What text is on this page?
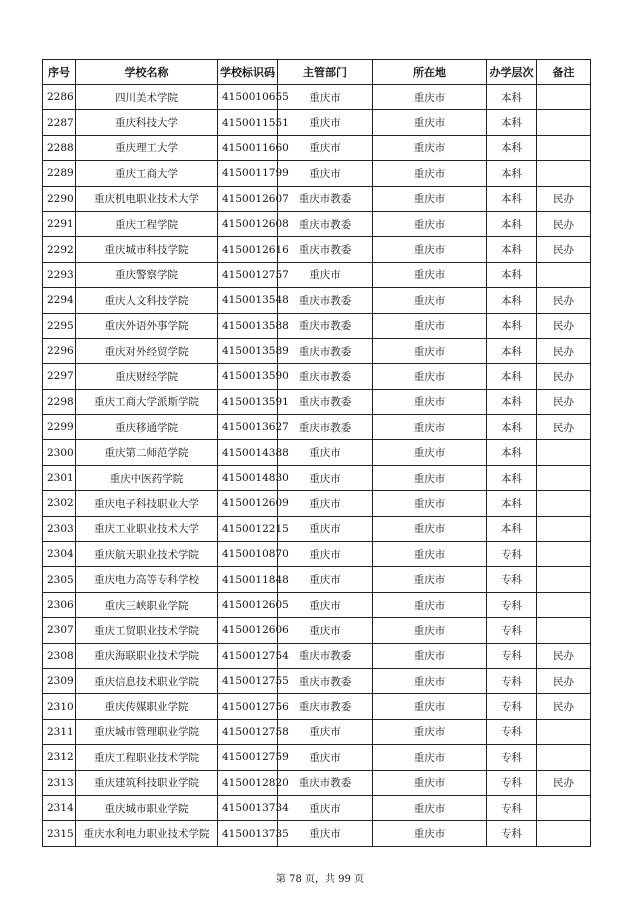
序号	学校名称	学校标识码	主管部门	所在地	办学层次	备注
2286	四川美术学院	4150010655	重庆市	重庆市	本科	
2287	重庆科技大学	4150011551	重庆市	重庆市	本科	
2288	重庆理工大学	4150011660	重庆市	重庆市	本科	
2289	重庆工商大学	4150011799	重庆市	重庆市	本科	
2290	重庆机电职业技术大学	4150012607	重庆市教委	重庆市	本科	民办
2291	重庆工程学院	4150012608	重庆市教委	重庆市	本科	民办
2292	重庆城市科技学院	4150012616	重庆市教委	重庆市	本科	民办
2293	重庆警察学院	4150012757	重庆市	重庆市	本科	
2294	重庆人文科技学院	4150013548	重庆市教委	重庆市	本科	民办
2295	重庆外语外事学院	4150013588	重庆市教委	重庆市	本科	民办
2296	重庆对外经贸学院	4150013589	重庆市教委	重庆市	本科	民办
2297	重庆财经学院	4150013590	重庆市教委	重庆市	本科	民办
2298	重庆工商大学派斯学院	4150013591	重庆市教委	重庆市	本科	民办
2299	重庆移通学院	4150013627	重庆市教委	重庆市	本科	民办
2300	重庆第二师范学院	4150014388	重庆市	重庆市	本科	
2301	重庆中医药学院	4150014830	重庆市	重庆市	本科	
2302	重庆电子科技职业大学	4150012609	重庆市	重庆市	本科	
2303	重庆工业职业技术大学	4150012215	重庆市	重庆市	本科	
2304	重庆航天职业技术学院	4150010870	重庆市	重庆市	专科	
2305	重庆电力高等专科学校	4150011848	重庆市	重庆市	专科	
2306	重庆三峡职业学院	4150012605	重庆市	重庆市	专科	
2307	重庆工贸职业技术学院	4150012606	重庆市	重庆市	专科	
2308	重庆海联职业技术学院	4150012754	重庆市教委	重庆市	专科	民办
2309	重庆信息技术职业学院	4150012755	重庆市教委	重庆市	专科	民办
2310	重庆传媒职业学院	4150012756	重庆市教委	重庆市	专科	民办
2311	重庆城市管理职业学院	4150012758	重庆市	重庆市	专科	
2312	重庆工程职业技术学院	4150012759	重庆市	重庆市	专科	
2313	重庆建筑科技职业学院	4150012820	重庆市教委	重庆市	专科	民办
2314	重庆城市职业学院	4150013734	重庆市	重庆市	专科	
2315	重庆水利电力职业技术学院	4150013735	重庆市	重庆市	专科	
第 78 页，共 99 页
